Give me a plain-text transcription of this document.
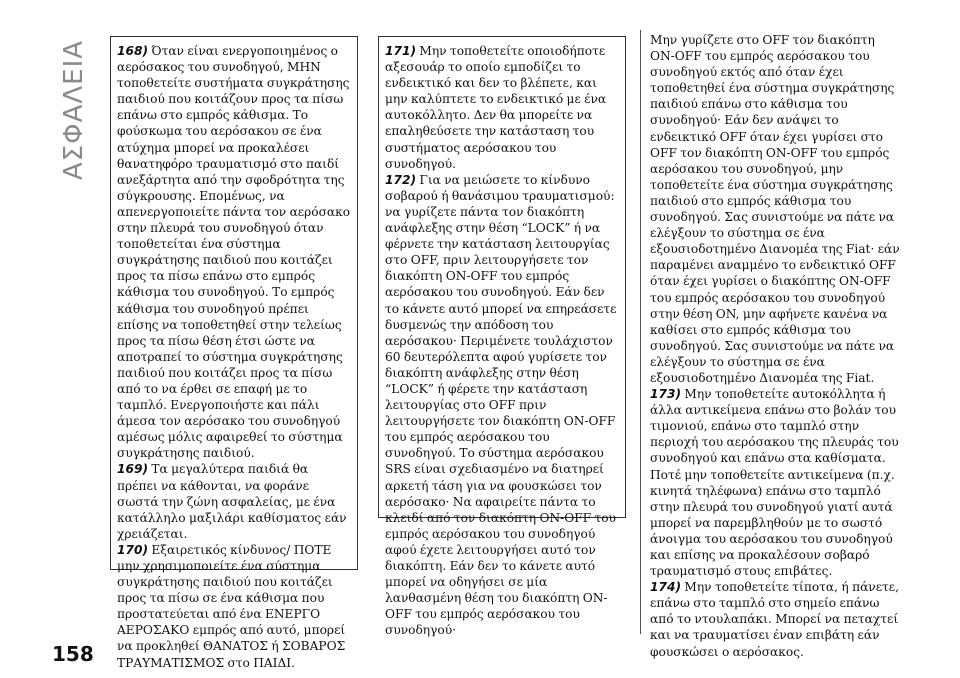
ΑΣΦΑΛΕΙΑ 168) Όταν είναι ενεργοποιημένος ο αερόσακος του συνοδηγού, ΜΗΝ τοποθετείτε συστήματα συγκράτησης παιδιού που κοιτάζουν προς τα πίσω επάνω στο εμπρός κάθισμα. Το φούσκωμα του αερόσακου σε ένα ατύχημα μπορεί να προκαλέσει θανατηφόρο τραυματισμό στο παιδί ανεξάρτητα από την σφοδρότητα της σύγκρουσης. Επομένως, να απενεργοποιείτε πάντα τον αερόσακο στην πλευρά του συνοδηγού όταν τοποθετείται ένα σύστημα συγκράτησης παιδιού που κοιτάζει προς τα πίσω επάνω στο εμπρός κάθισμα του συνοδηγού. Το εμπρός κάθισμα του συνοδηγού πρέπει επίσης να τοποθετηθεί στην τελείως προς τα πίσω θέση έτσι ώστε να αποτραπεί το σύστημα συγκράτησης παιδιού που κοιτάζει προς τα πίσω από το να έρθει σε επαφή με το ταμπλό. Ενεργοποιήστε και πάλι άμεσα τον αερόσακο του συνοδηγού αμέσως μόλις αφαιρεθεί το σύστημα συγκράτησης παιδιού.

169) Τα μεγαλύτερα παιδιά θα πρέπει να κάθονται, να φοράνε σωστά την ζώνη ασφαλείας, με ένα κατάλληλο μαξιλάρι καθίσματος εάν χρειάζεται.

170) Εξαιρετικός κίνδυνος/ ΠΟΤΕ μην χρησιμοποιείτε ένα σύστημα συγκράτησης παιδιού που κοιτάζει προς τα πίσω σε ένα κάθισμα που προστατεύεται από ένα ΕΝΕΡΓΟ ΑΕΡΟΣΑΚΟ εμπρός από αυτό, μπορεί να προκληθεί ΘΑΝΑΤΟΣ ή ΣΟΒΑΡΟΣ ΤΡΑΥΜΑΤΙΣΜΟΣ στο ΠΑΙΔΙ.

171) Μην τοποθετείτε οποιοδήποτε αξεσουάρ το οποίο εμποδίζει το ενδεικτικό και δεν το βλέπετε, και μην καλύπτετε το ενδεικτικό με ένα αυτοκόλλητο. Δεν θα μπορείτε να επαληθεύσετε την κατάσταση του συστήματος αερόσακου του συνοδηγού.

172) Για να μειώσετε το κίνδυνο σοβαρού ή θανάσιμου τραυματισμού: να γυρίζετε πάντα τον διακόπτη ανάφλεξης στην θέση “LOCK” ή να φέρνετε την κατάσταση λειτουργίας στο OFF, πριν λειτουργήσετε τον διακόπτη ON-OFF του εμπρός αερόσακου του συνοδηγού. Εάν δεν το κάνετε αυτό μπορεί να επηρεάσετε δυσμενώς την απόδοση του αερόσακου· Περιμένετε τουλάχιστον 60 δευτερόλεπτα αφού γυρίσετε τον διακόπτη ανάφλεξης στην θέση “LOCK” ή φέρετε την κατάσταση λειτουργίας στο OFF πριν λειτουργήσετε τον διακόπτη ON-OFF του εμπρός αερόσακου του συνοδηγού. Το σύστημα αερόσακου SRS είναι σχεδιασμένο να διατηρεί αρκετή τάση για να φουσκώσει τον αερόσακο· Να αφαιρείτε πάντα το κλειδί από τον διακόπτη ON-OFF του εμπρός αερόσακου του συνοδηγού αφού έχετε λειτουργήσει αυτό τον διακόπτη. Εάν δεν το κάνετε αυτό μπορεί να οδηγήσει σε μία λανθασμένη θέση του διακόπτη ON-OFF του εμπρός αερόσακου του συνοδηγού·

Μην γυρίζετε στο OFF τον διακόπτη ON-OFF του εμπρός αερόσακου του συνοδηγού εκτός από όταν έχει τοποθετηθεί ένα σύστημα συγκράτησης παιδιού επάνω στο κάθισμα του συνοδηγού· Εάν δεν ανάψει το ενδεικτικό OFF όταν έχει γυρίσει στο OFF τον διακόπτη ON-OFF του εμπρός αερόσακου του συνοδηγού, μην τοποθετείτε ένα σύστημα συγκράτησης παιδιού στο εμπρός κάθισμα του συνοδηγού. Σας συνιστούμε να πάτε να ελέγξουν το σύστημα σε ένα εξουσιοδοτημένο Διανομέα της Fiat· εάν παραμένει αναμμένο το ενδεικτικό OFF όταν έχει γυρίσει ο διακόπτης ON-OFF του εμπρός αερόσακου του συνοδηγού στην θέση ON, μην αφήνετε κανένα να καθίσει στο εμπρός κάθισμα του συνοδηγού. Σας συνιστούμε να πάτε να ελέγξουν το σύστημα σε ένα εξουσιοδοτημένο Διανομέα της Fiat.

173) Μην τοποθετείτε αυτοκόλλητα ή άλλα αντικείμενα επάνω στο βολάν του τιμονιού, επάνω στο ταμπλό στην περιοχή του αερόσακου της πλευράς του συνοδηγού και επάνω στα καθίσματα. Ποτέ μην τοποθετείτε αντικείμενα (π.χ. κινητά τηλέφωνα) επάνω στο ταμπλό στην πλευρά του συνοδηγού γιατί αυτά μπορεί να παρεμβληθούν με το σωστό άνοιγμα του αερόσακου του συνοδηγού και επίσης να προκαλέσουν σοβαρό τραυματισμό στους επιβάτες.

174) Μην τοποθετείτε τίποτα, ή πάνετε, επάνω στο ταμπλό στο σημείο επάνω από το ντουλαπάκι. Μπορεί να πεταχτεί και να τραυματίσει έναν επιβάτη εάν φουσκώσει ο αερόσακος.

158
